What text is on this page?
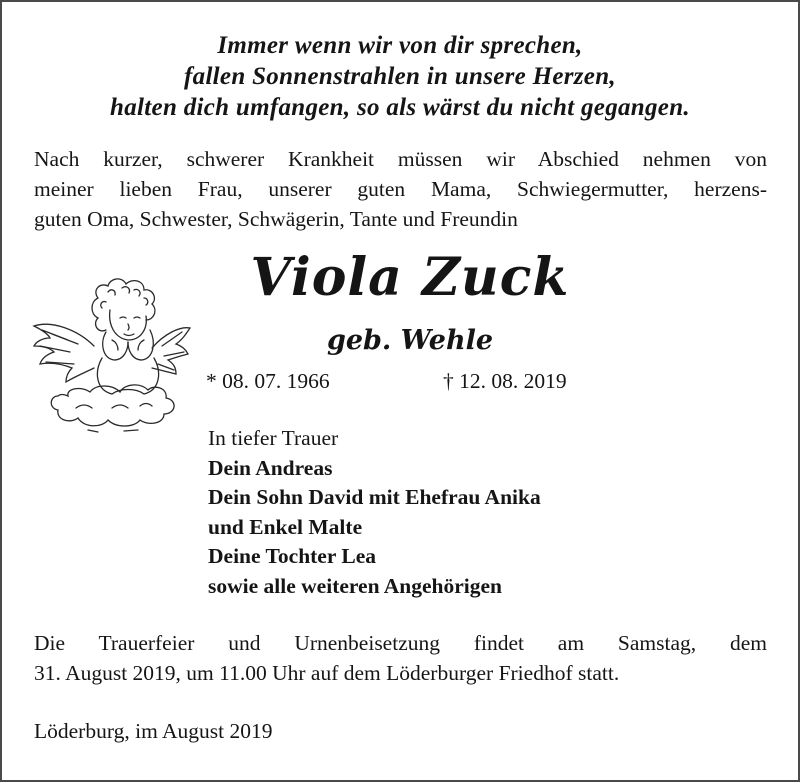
Immer wenn wir von dir sprechen,
fallen Sonnenstrahlen in unsere Herzen,
halten dich umfangen, so als wärst du nicht gegangen.
Nach kurzer, schwerer Krankheit müssen wir Abschied nehmen von
meiner lieben Frau, unserer guten Mama, Schwiegermutter, herzens-
guten Oma, Schwester, Schwägerin, Tante und Freundin
Viola Zuck
geb. Wehle
* 08. 07. 1966	† 12. 08. 2019
In tiefer Trauer
Dein Andreas
Dein Sohn David mit Ehefrau Anika
und Enkel Malte
Deine Tochter Lea
sowie alle weiteren Angehörigen
Die Trauerfeier und Urnenbeisetzung findet am Samstag, dem
31. August 2019, um 11.00 Uhr auf dem Löderburger Friedhof statt.
Löderburg, im August 2019
